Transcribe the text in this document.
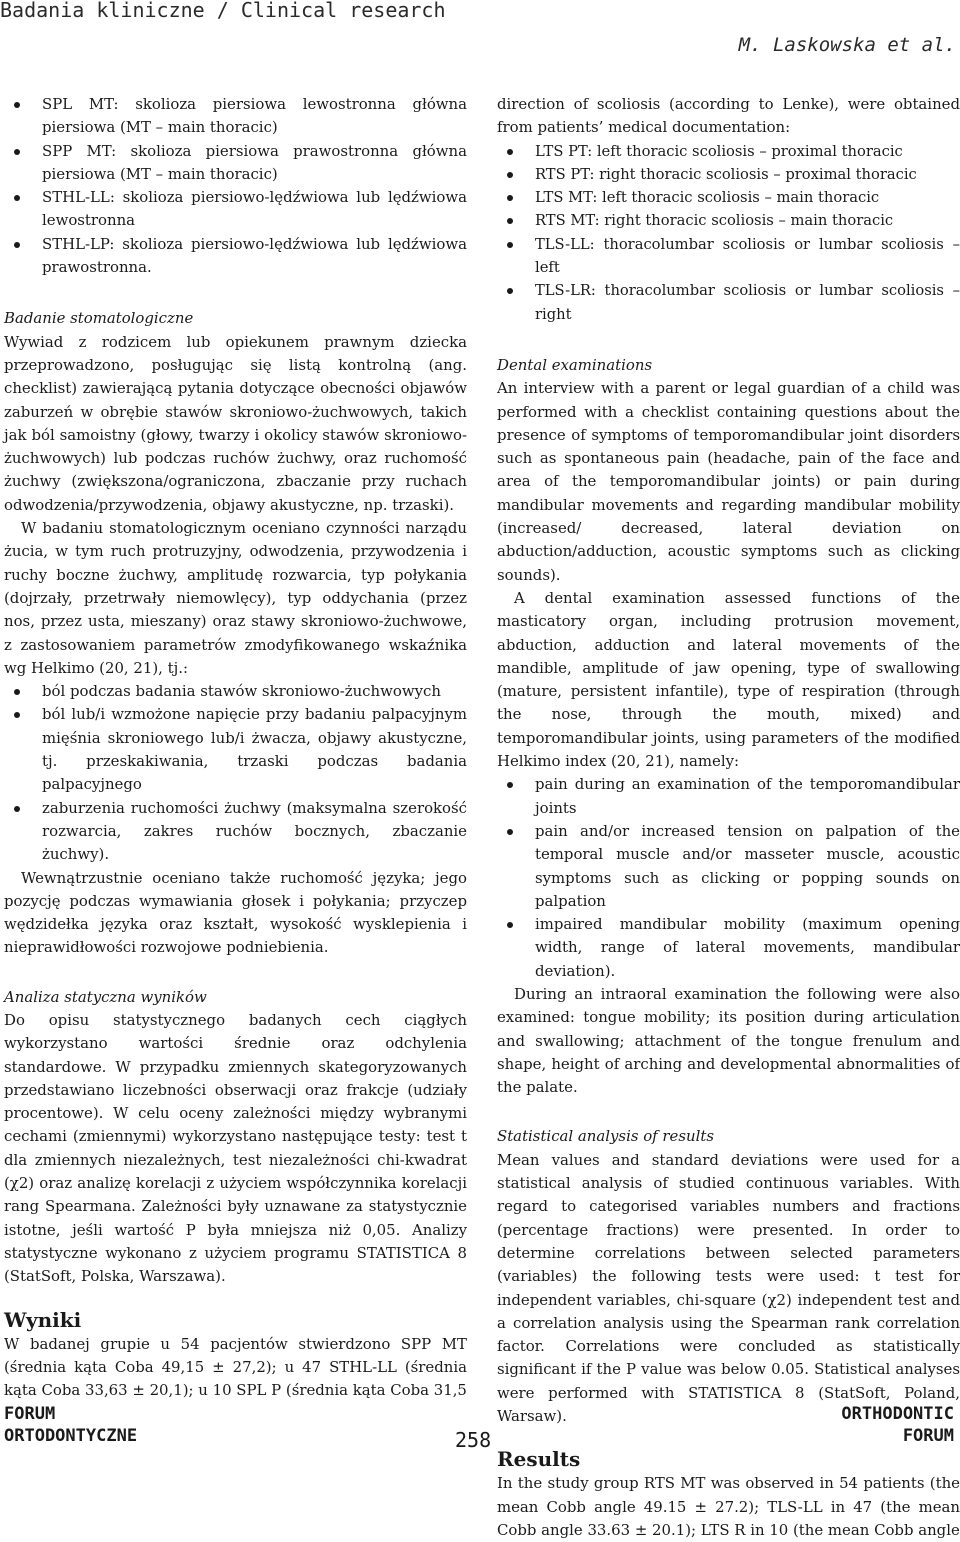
Badania kliniczne / Clinical research
M. Laskowska et al.
SPL MT: skolioza piersiowa lewostronna główna piersiowa (MT – main thoracic)
SPP MT: skolioza piersiowa prawostronna główna piersiowa (MT – main thoracic)
STHL-LL: skolioza piersiowo-lędźwiowa lub lędźwiowa lewostronna
STHL-LP: skolioza piersiowo-lędźwiowa lub lędźwiowa prawostronna.

Badanie stomatologiczne

Wywiad z rodzicem lub opiekunem prawnym dziecka przeprowadzono, posługując się listą kontrolną (ang. checklist) zawierającą pytania dotyczące obecności objawów zaburzeń w obrębie stawów skroniowo-żuchwowych, takich jak ból samoistny (głowy, twarzy i okolicy stawów skroniowo-żuchwowych) lub podczas ruchów żuchwy, oraz ruchomość żuchwy (zwiększona/ograniczona, zbaczanie przy ruchach odwodzenia/przywodzenia, objawy akustyczne, np. trzaski).

W badaniu stomatologicznym oceniano czynności narządu żucia, w tym ruch protruzyjny, odwodzenia, przywodzenia i ruchy boczne żuchwy, amplitudę rozwarcia, typ połykania (dojrzały, przetrwały niemowlęcy), typ oddychania (przez nos, przez usta, mieszany) oraz stawy skroniowo-żuchwowe, z zastosowaniem parametrów zmodyfikowanego wskaźnika wg Helkimo (20, 21), tj.:

ból podczas badania stawów skroniowo-żuchwowych
ból lub/i wzmożone napięcie przy badaniu palpacyjnym mięśnia skroniowego lub/i żwacza, objawy akustyczne, tj. przeskakiwania, trzaski podczas badania palpacyjnego
zaburzenia ruchomości żuchwy (maksymalna szerokość rozwarcia, zakres ruchów bocznych, zbaczanie żuchwy).

Wewnątrzustnie oceniano także ruchomość języka; jego pozycję podczas wymawiania głosek i połykania; przyczep wędzidełka języka oraz kształt, wysokość wysklepienia i nieprawidłowości rozwojowe podniebienia.

Analiza statyczna wyników

Do opisu statystycznego badanych cech ciągłych wykorzystano wartości średnie oraz odchylenia standardowe. W przypadku zmiennych skategoryzowanych przedstawiano liczebności obserwacji oraz frakcje (udziały procentowe). W celu oceny zależności między wybranymi cechami (zmiennymi) wykorzystano następujące testy: test t dla zmiennych niezależnych, test niezależności chi-kwadrat (χ2) oraz analizę korelacji z użyciem współczynnika korelacji rang Spearmana. Zależności były uznawane za statystycznie istotne, jeśli wartość P była mniejsza niż 0,05. Analizy statystyczne wykonano z użyciem programu STATISTICA 8 (StatSoft, Polska, Warszawa).

Wyniki

W badanej grupie u 54 pacjentów stwierdzono SPP MT (średnia kąta Coba 49,15 ± 27,2); u 47 STHL-LL (średnia kąta Coba 33,63 ± 20,1); u 10 SPL P (średnia kąta Coba 31,5

direction of scoliosis (according to Lenke), were obtained from patients’ medical documentation:

LTS PT: left thoracic scoliosis – proximal thoracic
RTS PT: right thoracic scoliosis – proximal thoracic
LTS MT: left thoracic scoliosis – main thoracic
RTS MT: right thoracic scoliosis – main thoracic
TLS-LL: thoracolumbar scoliosis or lumbar scoliosis – left
TLS-LR: thoracolumbar scoliosis or lumbar scoliosis – right

Dental examinations

An interview with a parent or legal guardian of a child was performed with a checklist containing questions about the presence of symptoms of temporomandibular joint disorders such as spontaneous pain (headache, pain of the face and area of the temporomandibular joints) or pain during mandibular movements and regarding mandibular mobility (increased/ decreased, lateral deviation on abduction/adduction, acoustic symptoms such as clicking sounds).

A dental examination assessed functions of the masticatory organ, including protrusion movement, abduction, adduction and lateral movements of the mandible, amplitude of jaw opening, type of swallowing (mature, persistent infantile), type of respiration (through the nose, through the mouth, mixed) and temporomandibular joints, using parameters of the modified Helkimo index (20, 21), namely:

pain during an examination of the temporomandibular joints
pain and/or increased tension on palpation of the temporal muscle and/or masseter muscle, acoustic symptoms such as clicking or popping sounds on palpation
impaired mandibular mobility (maximum opening width, range of lateral movements, mandibular deviation).

During an intraoral examination the following were also examined: tongue mobility; its position during articulation and swallowing; attachment of the tongue frenulum and shape, height of arching and developmental abnormalities of the palate.

Statistical analysis of results

Mean values and standard deviations were used for a statistical analysis of studied continuous variables. With regard to categorised variables numbers and fractions (percentage fractions) were presented. In order to determine correlations between selected parameters (variables) the following tests were used: t test for independent variables, chi-square (χ2) independent test and a correlation analysis using the Spearman rank correlation factor. Correlations were concluded as statistically significant if the P value was below 0.05. Statistical analyses were performed with STATISTICA 8 (StatSoft, Poland, Warsaw).

Results

In the study group RTS MT was observed in 54 patients (the mean Cobb angle 49.15 ± 27.2); TLS-LL in 47 (the mean Cobb angle 33.63 ± 20.1); LTS R in 10 (the mean Cobb angle

FORUM
ORTODONTYCZNE	258
ORTHODONTIC
FORUM
